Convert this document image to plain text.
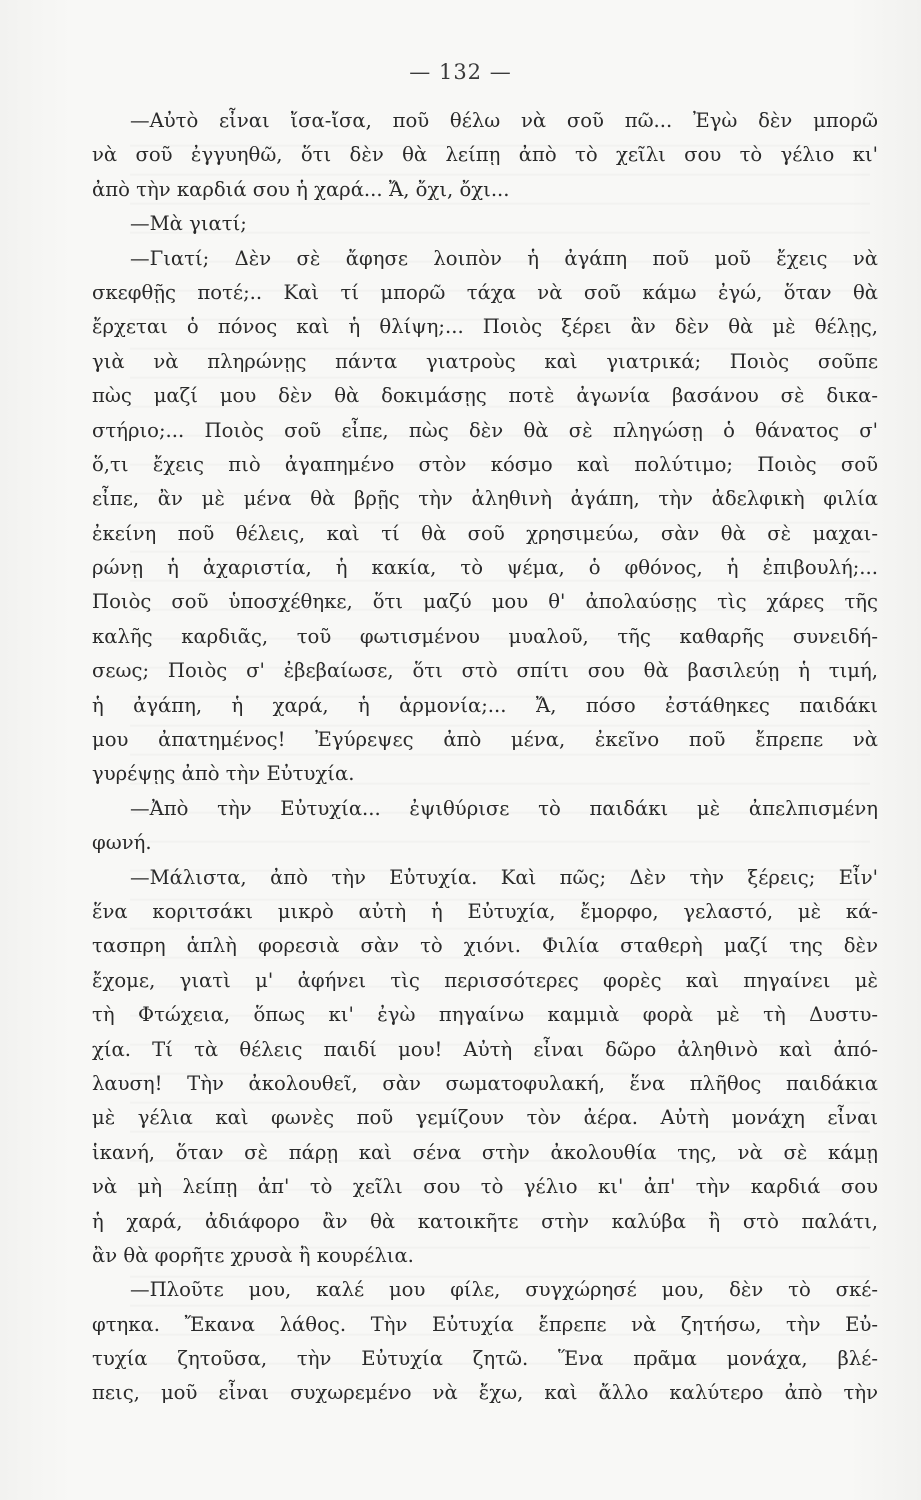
— 132 —
—Αὐτὸ εἶναι ἴσα-ἴσα, ποῦ θέλω νὰ σοῦ πῶ... Ἐγὼ δὲν μπορῶ
νὰ σοῦ ἐγγυηθῶ, ὅτι δὲν θὰ λείπῃ ἀπὸ τὸ χεῖλι σου τὸ γέλιο κι'
ἀπὸ τὴν καρδιά σου ἡ χαρά... Ἄ, ὄχι, ὄχι...
—Μὰ γιατί;
—Γιατί; Δὲν σὲ ἄφησε λοιπὸν ἡ ἀγάπη ποῦ μοῦ ἔχεις νὰ
σκεφθῇς ποτέ;.. Καὶ τί μπορῶ τάχα νὰ σοῦ κάμω ἐγώ, ὅταν θὰ
ἔρχεται ὁ πόνος καὶ ἡ θλίψη;... Ποιὸς ξέρει ἂν δὲν θὰ μὲ θέλῃς,
γιὰ νὰ πληρώνῃς πάντα γιατροὺς καὶ γιατρικά; Ποιὸς σοῦπε
πὼς μαζί μου δὲν θὰ δοκιμάσῃς ποτὲ ἀγωνία βασάνου σὲ δικα-
στήριο;... Ποιὸς σοῦ εἶπε, πὼς δὲν θὰ σὲ πληγώσῃ ὁ θάνατος σ'
ὅ,τι ἔχεις πιὸ ἀγαπημένο στὸν κόσμο καὶ πολύτιμο; Ποιὸς σοῦ
εἶπε, ἂν μὲ μένα θὰ βρῇς τὴν ἀληθινὴ ἀγάπη, τὴν ἀδελφικὴ φιλία
ἐκείνη ποῦ θέλεις, καὶ τί θὰ σοῦ χρησιμεύω, σὰν θὰ σὲ μαχαι-
ρώνῃ ἡ ἀχαριστία, ἡ κακία, τὸ ψέμα, ὁ φθόνος, ἡ ἐπιβουλή;...
Ποιὸς σοῦ ὑποσχέθηκε, ὅτι μαζύ μου θ' ἀπολαύσῃς τὶς χάρες τῆς
καλῆς καρδιᾶς, τοῦ φωτισμένου μυαλοῦ, τῆς καθαρῆς συνειδή-
σεως; Ποιὸς σ' ἐβεβαίωσε, ὅτι στὸ σπίτι σου θὰ βασιλεύῃ ἡ τιμή,
ἡ ἀγάπη, ἡ χαρά, ἡ ἁρμονία;... Ἄ, πόσο ἐστάθηκες παιδάκι
μου ἀπατημένος! Ἐγύρεψες ἀπὸ μένα, ἐκεῖνο ποῦ ἔπρεπε νὰ
γυρέψῃς ἀπὸ τὴν Εὐτυχία.
—Ἀπὸ τὴν Εὐτυχία... ἐψιθύρισε τὸ παιδάκι μὲ ἀπελπισμένη
φωνή.
—Μάλιστα, ἀπὸ τὴν Εὐτυχία. Καὶ πῶς; Δὲν τὴν ξέρεις; Εἶν'
ἕνα κοριτσάκι μικρὸ αὐτὴ ἡ Εὐτυχία, ἔμορφο, γελαστό, μὲ κά-
τασπρη ἁπλὴ φορεσιὰ σὰν τὸ χιόνι. Φιλία σταθερὴ μαζί της δὲν
ἔχομε, γιατὶ μ' ἀφήνει τὶς περισσότερες φορὲς καὶ πηγαίνει μὲ
τὴ Φτώχεια, ὅπως κι' ἐγὼ πηγαίνω καμμιὰ φορὰ μὲ τὴ Δυστυ-
χία. Τί τὰ θέλεις παιδί μου! Αὐτὴ εἶναι δῶρο ἀληθινὸ καὶ ἀπό-
λαυση! Τὴν ἀκολουθεῖ, σὰν σωματοφυλακή, ἕνα πλῆθος παιδάκια
μὲ γέλια καὶ φωνὲς ποῦ γεμίζουν τὸν ἀέρα. Αὐτὴ μονάχη εἶναι
ἱκανή, ὅταν σὲ πάρῃ καὶ σένα στὴν ἀκολουθία της, νὰ σὲ κάμῃ
νὰ μὴ λείπῃ ἀπ' τὸ χεῖλι σου τὸ γέλιο κι' ἀπ' τὴν καρδιά σου
ἡ χαρά, ἀδιάφορο ἂν θὰ κατοικῆτε στὴν καλύβα ἢ στὸ παλάτι,
ἂν θὰ φορῆτε χρυσὰ ἢ κουρέλια.
—Πλοῦτε μου, καλέ μου φίλε, συγχώρησέ μου, δὲν τὸ σκέ-
φτηκα. Ἔκανα λάθος. Τὴν Εὐτυχία ἔπρεπε νὰ ζητήσω, τὴν Εὐ-
τυχία ζητοῦσα, τὴν Εὐτυχία ζητῶ. Ἕνα πρᾶμα μονάχα, βλέ-
πεις, μοῦ εἶναι συχωρεμένο νὰ ἔχω, καὶ ἄλλο καλύτερο ἀπὸ τὴν
